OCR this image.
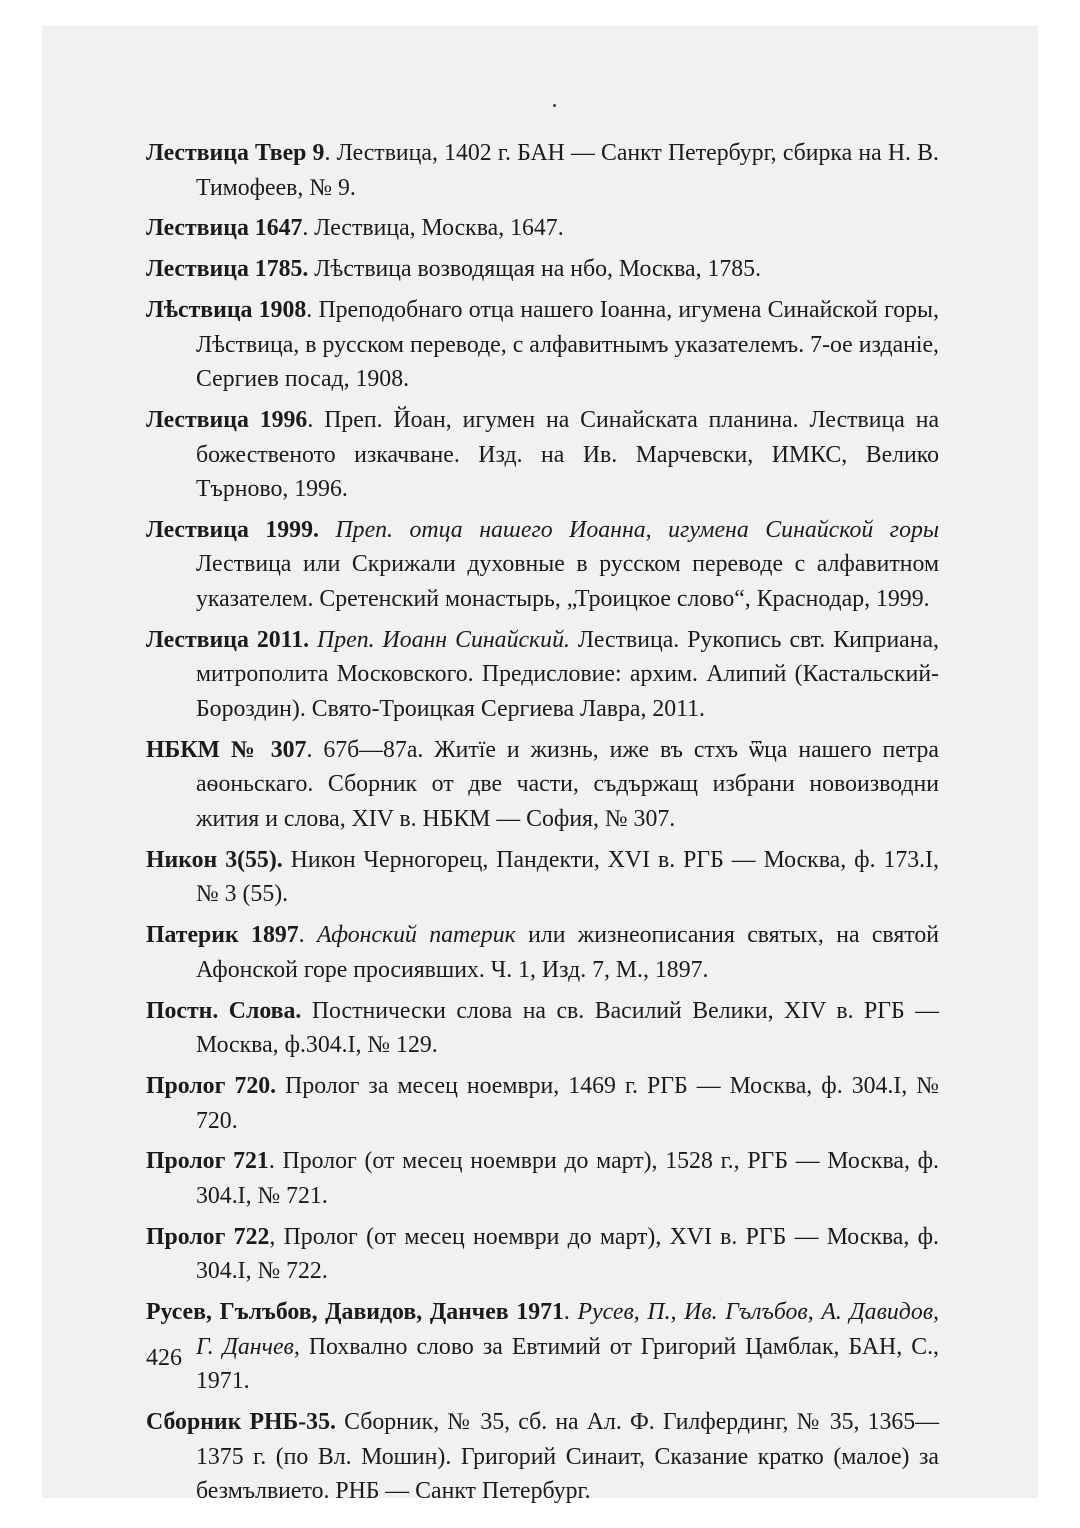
Лествица Твер 9. Лествица, 1402 г. БАН — Санкт Петербург, сбирка на Н. В. Тимофеев, № 9.

Лествица 1647. Лествица, Москва, 1647.

Лествица 1785. Лѣствица возводящая на нбо, Москва, 1785.

Лѣствица 1908. Преподобнаго отца нашего Іоанна, игумена Синайской горы, Лѣствица, в русском переводе, с алфавитнымъ указателемъ. 7-ое изданіе, Сергиев посад, 1908.

Лествица 1996. Преп. Йоан, игумен на Синайската планина. Лествица на божественото изкачване. Изд. на Ив. Марчевски, ИМКС, Велико Търново, 1996.

Лествица 1999. Преп. отца нашего Иоанна, игумена Синайской горы Лествица или Скрижали духовные в русском переводе с алфавитном указателем. Сретенский монастырь, „Троицкое слово“, Краснодар, 1999.

Лествица 2011. Преп. Иоанн Синайский. Лествица. Рукопись свт. Киприана, митрополита Московского. Предисловие: архим. Алипий (Кастальский-Бороздин). Свято-Троицкая Сергиева Лавра, 2011.

НБКМ № 307. 67б—87а. Житїе и жизнь, иже въ стхъ ѿца нашего петра аѳоньскаго. Сборник от две части, съдържащ избрани новоизводни жития и слова, XIV в. НБКМ — София, № 307.

Никон 3(55). Никон Черногорец, Пандекти, XVI в. РГБ — Москва, ф. 173.I, № 3 (55).

Патерик 1897. Афонский патерик или жизнеописания святых, на святой Афонской горе просиявших. Ч. 1, Изд. 7, М., 1897.

Постн. Слова. Постнически слова на св. Василий Велики, XIV в. РГБ — Москва, ф.304.I, № 129.

Пролог 720. Пролог за месец ноември, 1469 г. РГБ — Москва, ф. 304.I, № 720.

Пролог 721. Пролог (от месец ноември до март), 1528 г., РГБ — Москва, ф. 304.I, № 721.

Пролог 722, Пролог (от месец ноември до март), XVI в. РГБ — Москва, ф. 304.I, № 722.

Русев, Гълъбов, Давидов, Данчев 1971. Русев, П., Ив. Гълъбов, А. Давидов, Г. Данчев, Похвално слово за Евтимий от Григорий Цамблак, БАН, С., 1971.

Сборник РНБ-35. Сборник, № 35, сб. на Ал. Ф. Гилфердинг, № 35, 1365—1375 г. (по Вл. Мошин). Григорий Синаит, Сказание кратко (малое) за безмълвието. РНБ — Санкт Петербург.

426
